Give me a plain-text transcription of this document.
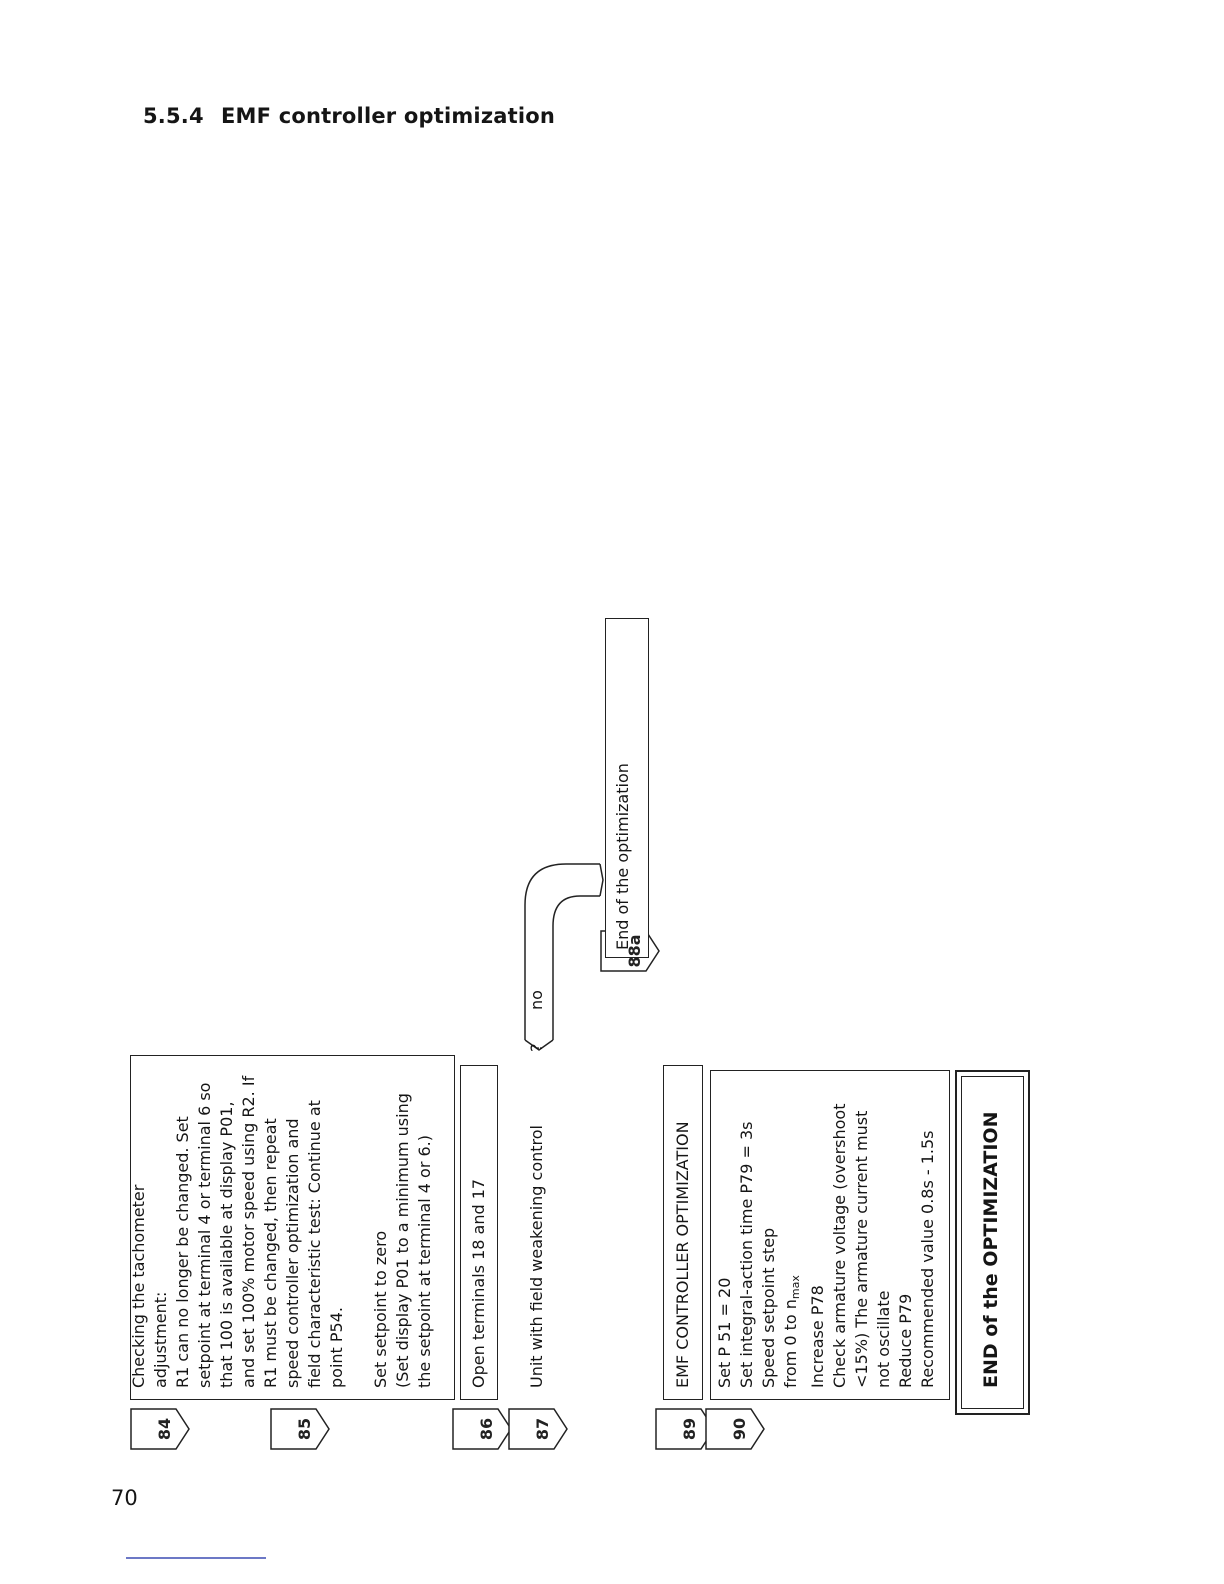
5.5.4 EMF controller optimization
84
Checking the tachometer adjustment: R1 can no longer be changed. Set setpoint at terminal 4 or terminal 6 so that 100 is available at display P01, and set 100% motor speed using R2. If R1 must be changed, then repeat speed controller optimization and field characteristic test: Continue at point P54.
85
Set setpoint to zero (Set display P01 to a minimum using the setpoint at terminal 4 or 6.)
86
Open terminals 18 and 17
87
Unit with field weakening control
?
no
88a
End of the optimization
89
EMF CONTROLLER OPTIMIZATION
90
Set P 51 = 20 Set integral-action time P79 = 3s Speed setpoint step from 0 to $n_{max}$ Increase P78 Check armature voltage (overshoot <15%) The armature current must not oscillate Reduce P79 Recommended value 0.8s - 1.5s END of the OPTIMIZATION
70
